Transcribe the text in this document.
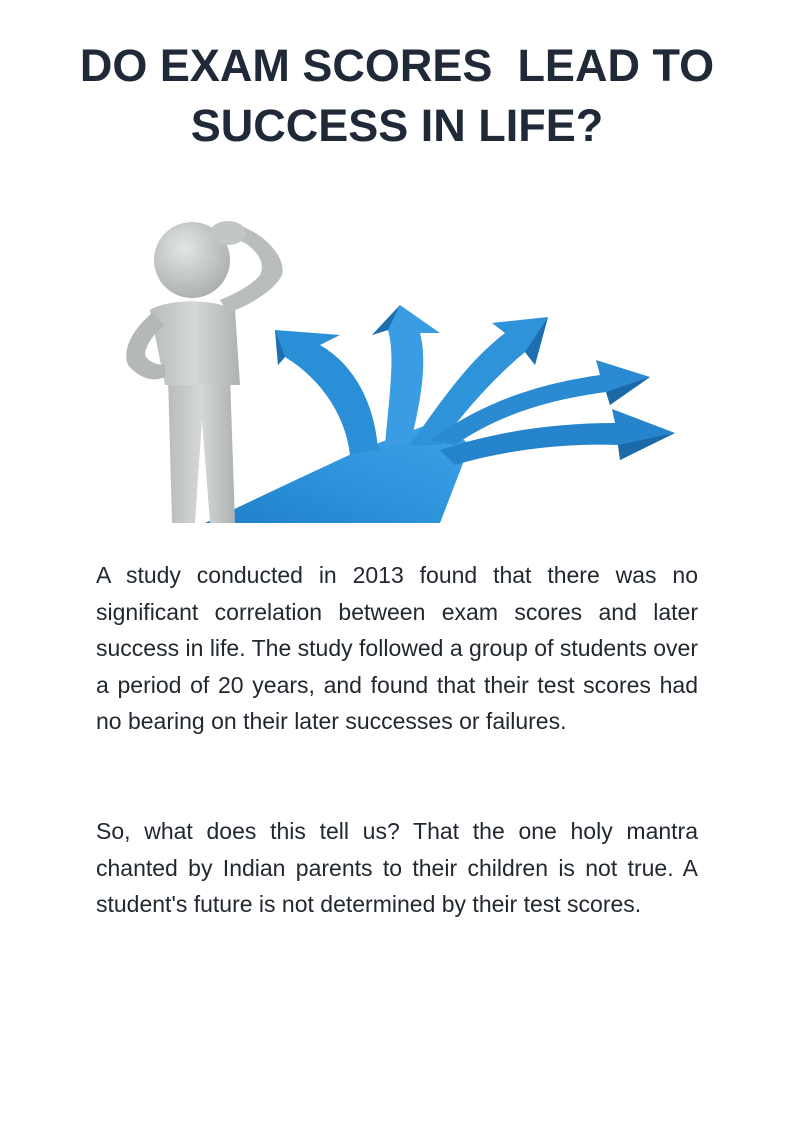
DO EXAM SCORES  LEAD TO
SUCCESS IN LIFE?

A study conducted in 2013 found that there was no significant correlation between exam scores and later success in life. The study followed a group of students over a period of 20 years, and found that their test scores had no bearing on their later successes or failures.

So, what does this tell us? That the one holy mantra chanted by Indian parents to their children is not true. A student's future is not determined by their test scores.
